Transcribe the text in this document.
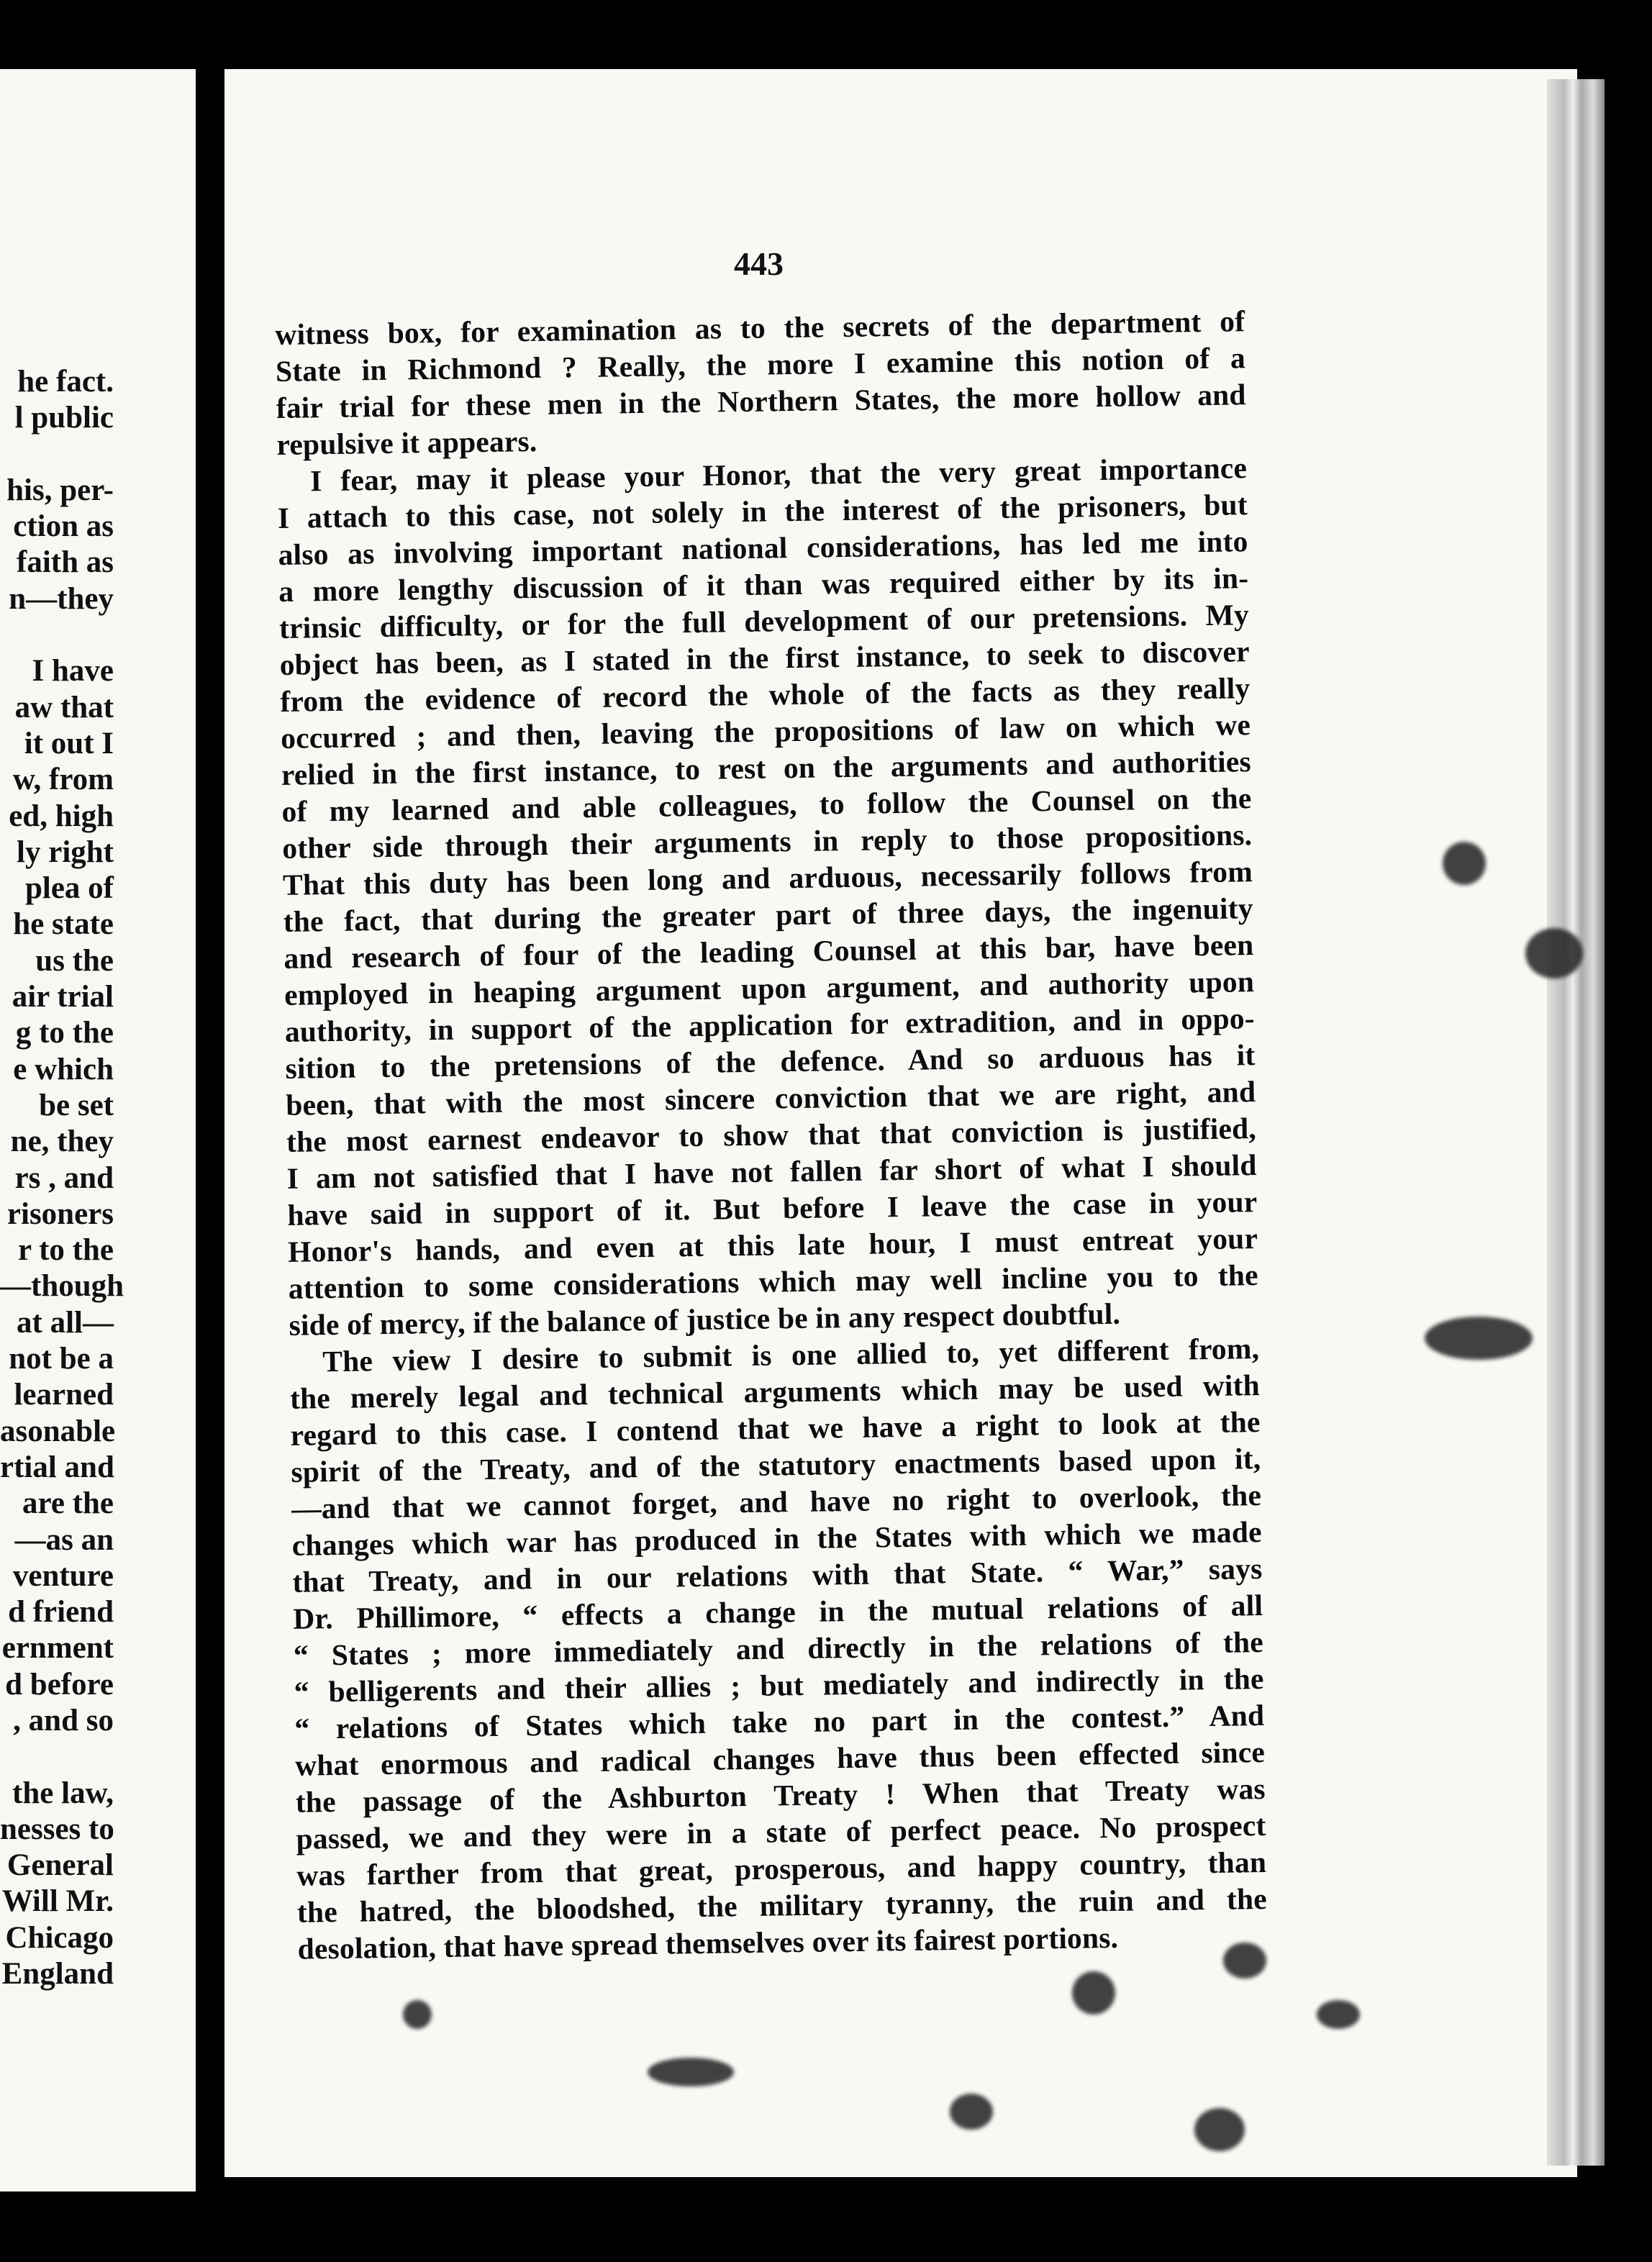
he fact.
l public

his, per-
ction as
faith as
n—they

I have
aw that
it out I
w, from
ed, high
ly right
plea of
he state
us the
air trial
g to the
e which
be set
ne, they
rs , and
risoners
r to the
—though
at all—
not be a
learned
asonable
rtial and
are the
—as an
venture
d friend
ernment
d before
, and so

the law,
nesses to
General
Will Mr.
Chicago
England
443
witness box, for examination as to the secrets of the department of
State in Richmond ? Really, the more I examine this notion of a
fair trial for these men in the Northern States, the more hollow and
repulsive it appears.
I fear, may it please your Honor, that the very great importance
I attach to this case, not solely in the interest of the prisoners, but
also as involving important national considerations, has led me into
a more lengthy discussion of it than was required either by its in-
trinsic difficulty, or for the full development of our pretensions. My
object has been, as I stated in the first instance, to seek to discover
from the evidence of record the whole of the facts as they really
occurred ; and then, leaving the propositions of law on which we
relied in the first instance, to rest on the arguments and authorities
of my learned and able colleagues, to follow the Counsel on the
other side through their arguments in reply to those propositions.
That this duty has been long and arduous, necessarily follows from
the fact, that during the greater part of three days, the ingenuity
and research of four of the leading Counsel at this bar, have been
employed in heaping argument upon argument, and authority upon
authority, in support of the application for extradition, and in oppo-
sition to the pretensions of the defence. And so arduous has it
been, that with the most sincere conviction that we are right, and
the most earnest endeavor to show that that conviction is justified,
I am not satisfied that I have not fallen far short of what I should
have said in support of it. But before I leave the case in your
Honor's hands, and even at this late hour, I must entreat your
attention to some considerations which may well incline you to the
side of mercy, if the balance of justice be in any respect doubtful.
The view I desire to submit is one allied to, yet different from,
the merely legal and technical arguments which may be used with
regard to this case. I contend that we have a right to look at the
spirit of the Treaty, and of the statutory enactments based upon it,
—and that we cannot forget, and have no right to overlook, the
changes which war has produced in the States with which we made
that Treaty, and in our relations with that State. “ War,” says
Dr. Phillimore, “ effects a change in the mutual relations of all
“ States ; more immediately and directly in the relations of the
“ belligerents and their allies ; but mediately and indirectly in the
“ relations of States which take no part in the contest.” And
what enormous and radical changes have thus been effected since
the passage of the Ashburton Treaty ! When that Treaty was
passed, we and they were in a state of perfect peace. No prospect
was farther from that great, prosperous, and happy country, than
the hatred, the bloodshed, the military tyranny, the ruin and the
desolation, that have spread themselves over its fairest portions.
